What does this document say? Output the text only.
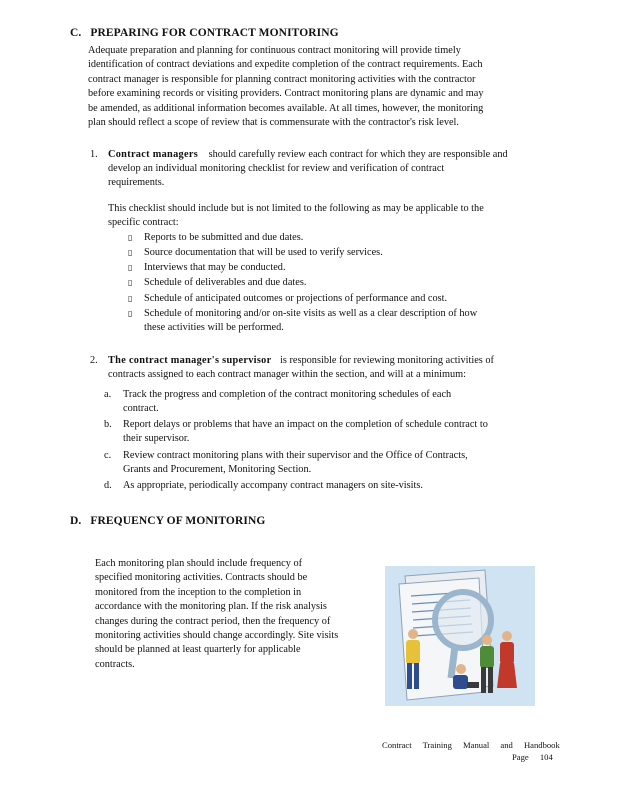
C. PREPARING FOR CONTRACT MONITORING
Adequate preparation and planning for continuous contract monitoring will provide timely
identification of contract deviations and expedite completion of the contract requirements. Each
contract manager is responsible for planning contract monitoring activities with the contractor
before examining records or visiting providers. Contract monitoring plans are dynamic and may
be amended, as additional information becomes available. At all times, however, the monitoring
plan should reflect a scope of review that is commensurate with the contractor's risk level.
1. Contract managers should carefully review each contract for which they are responsible and
develop an individual monitoring checklist for review and verification of contract
requirements.
This checklist should include but is not limited to the following as may be applicable to the
specific contract:
▯ Reports to be submitted and due dates.
▯ Source documentation that will be used to verify services.
▯ Interviews that may be conducted.
▯ Schedule of deliverables and due dates.
▯ Schedule of anticipated outcomes or projections of performance and cost.
▯ Schedule of monitoring and/or on-site visits as well as a clear description of how
these activities will be performed.
2. The contract manager's supervisor is responsible for reviewing monitoring activities of
contracts assigned to each contract manager within the section, and will at a minimum:
a. Track the progress and completion of the contract monitoring schedules of each
contract.
b. Report delays or problems that have an impact on the completion of schedule contract to
their supervisor.
c. Review contract monitoring plans with their supervisor and the Office of Contracts,
Grants and Procurement, Monitoring Section.
d. As appropriate, periodically accompany contract managers on site-visits.
D. FREQUENCY OF MONITORING
Each monitoring plan should include frequency of
specified monitoring activities. Contracts should be
monitored from the inception to the completion in
accordance with the monitoring plan. If the risk analysis
changes during the contract period, then the frequency of
monitoring activities should change accordingly. Site visits
should be planned at least quarterly for applicable
contracts.
Contract Training Manual and Handbook
Page 104
